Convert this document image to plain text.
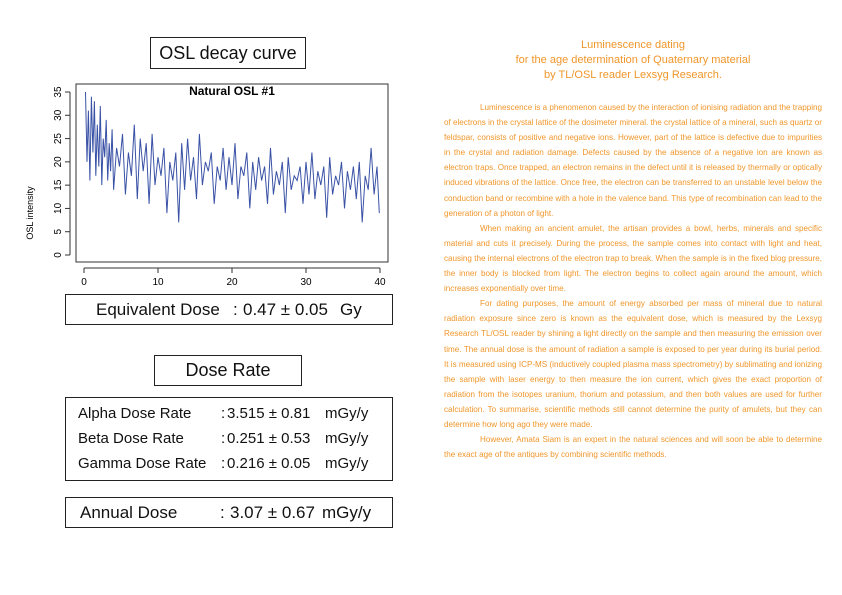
OSL decay curve
Natural OSL #1
OSL intensity
0
5
10
15
20
25
30
35
0	10	20	30	40
Equivalent Dose : 0.47 ± 0.05 Gy
Dose Rate
Alpha Dose Rate : 3.515 ± 0.81 mGy/y
Beta Dose Rate : 0.251 ± 0.53 mGy/y
Gamma Dose Rate : 0.216 ± 0.05 mGy/y
Annual Dose	: 3.07 ± 0.67 mGy/y
Luminescence dating
for the age determination of Quaternary material
by TL/OSL reader Lexsyg Research.

Luminescence is a phenomenon caused by the interaction of ionising radiation and the trapping of electrons in the crystal lattice of the dosimeter mineral. the crystal lattice of a mineral, such as quartz or feldspar, consists of positive and negative ions. However, part of the lattice is defective due to impurities in the crystal and radiation damage. Defects caused by the absence of a negative ion are known as electron traps. Once trapped, an electron remains in the defect until it is released by thermally or optically induced vibrations of the lattice. Once free, the electron can be transferred to an unstable level below the conduction band or recombine with a hole in the valence band. This type of recombination can lead to the generation of a photon of light.

When making an ancient amulet, the artisan provides a bowl, herbs, minerals and specific material and cuts it precisely. During the process, the sample comes into contact with light and heat, causing the internal electrons of the electron trap to break. When the sample is in the fixed blog pressure, the inner body is blocked from light. The electron begins to collect again around the amount, which increases exponentially over time.

For dating purposes, the amount of energy absorbed per mass of mineral due to natural radiation exposure since zero is known as the equivalent dose, which is measured by the Lexsyg Research TL/OSL reader by shining a light directly on the sample and then measuring the emission over time. The annual dose is the amount of radiation a sample is exposed to per year during its burial period. It is measured using ICP-MS (inductively coupled plasma mass spectrometry) by sublimating and ionizing the sample with laser energy to then measure the ion current, which gives the exact proportion of radiation from the isotopes uranium, thorium and potassium, and then both values are used for further calculation. To summarise, scientific methods still cannot determine the purity of amulets, but they can determine how long ago they were made.

However, Amata Siam is an expert in the natural sciences and will soon be able to determine the exact age of the antiques by combining scientific methods.
